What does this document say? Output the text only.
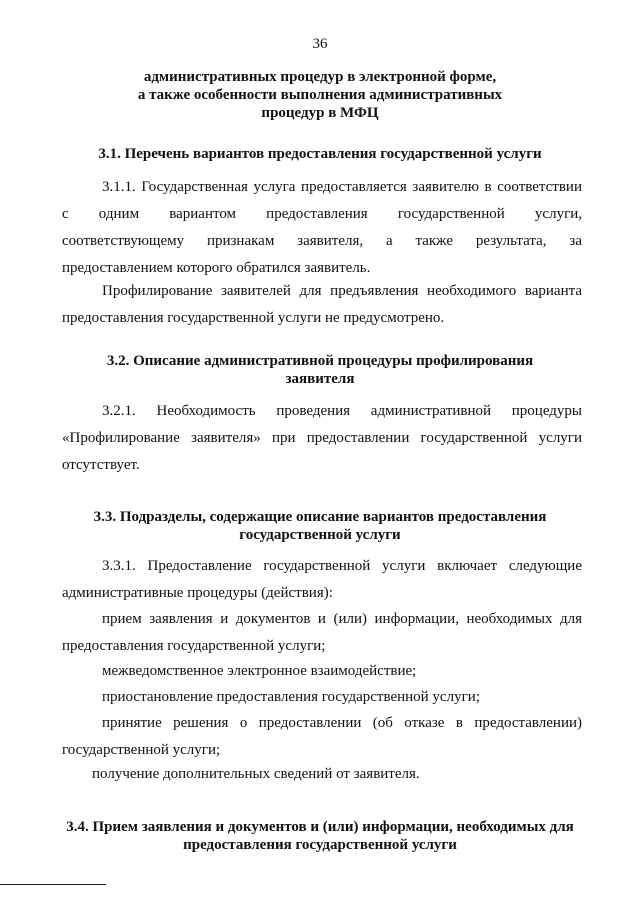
36
административных процедур в электронной форме,
а также особенности выполнения административных
процедур в МФЦ
3.1. Перечень вариантов предоставления государственной услуги
3.1.1. Государственная услуга предоставляется заявителю в соответствии
с одним вариантом предоставления государственной услуги,
соответствующему признакам заявителя, а также результата, за
предоставлением которого обратился заявитель.
Профилирование заявителей для предъявления необходимого варианта
предоставления государственной услуги не предусмотрено.
3.2. Описание административной процедуры профилирования
заявителя
3.2.1. Необходимость проведения административной процедуры
«Профилирование заявителя» при предоставлении государственной услуги
отсутствует.
3.3. Подразделы, содержащие описание вариантов предоставления
государственной услуги
3.3.1. Предоставление государственной услуги включает следующие
административные процедуры (действия):
прием заявления и документов и (или) информации, необходимых для
предоставления государственной услуги;
межведомственное электронное взаимодействие;
приостановление предоставления государственной услуги;
принятие решения о предоставлении (об отказе в предоставлении)
государственной услуги;
получение дополнительных сведений от заявителя.
3.4. Прием заявления и документов и (или) информации, необходимых для
предоставления государственной услуги
